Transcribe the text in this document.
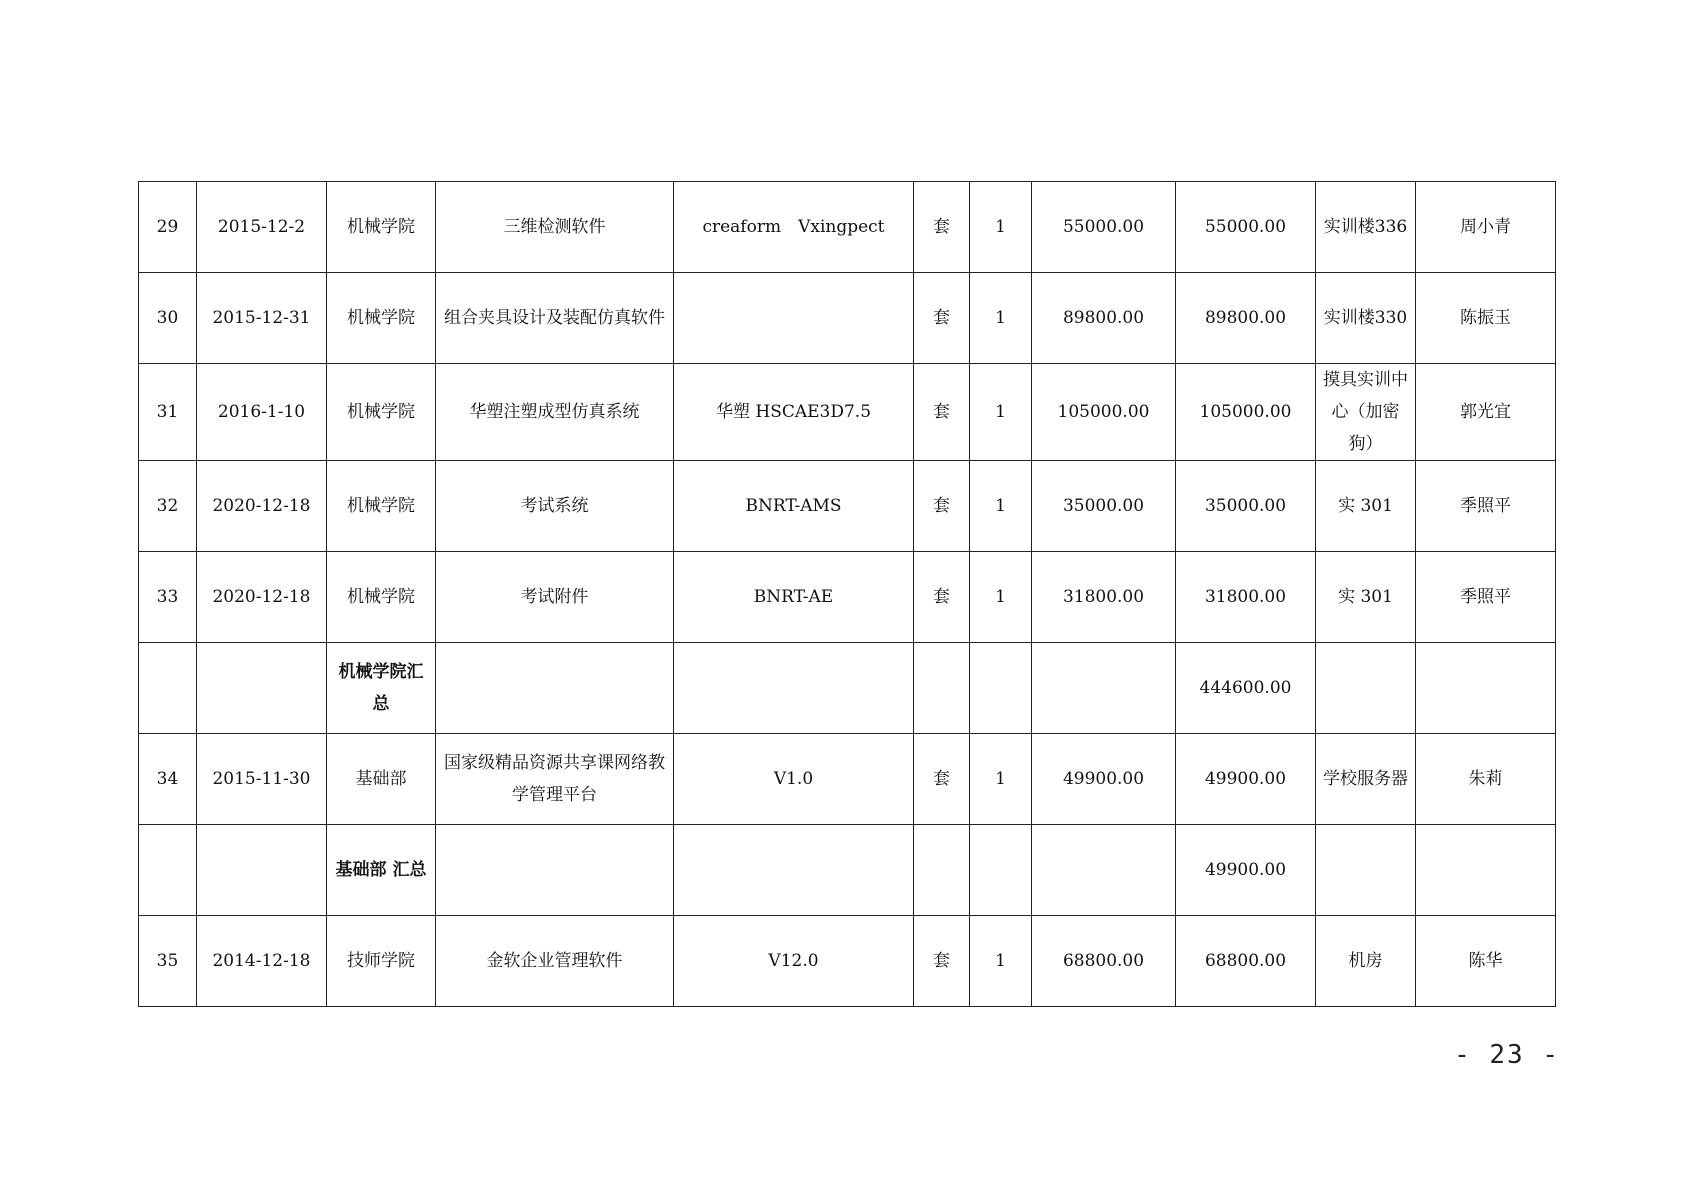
29	2015-12-2	机械学院	三维检测软件	creaform　Vxingpect	套	1	55000.00	55000.00	实训楼336	周小青
30	2015-12-31	机械学院	组合夹具设计及装配仿真软件		套	1	89800.00	89800.00	实训楼330	陈振玉
31	2016-1-10	机械学院	华塑注塑成型仿真系统	华塑 HSCAE3D7.5	套	1	105000.00	105000.00	摸具实训中心（加密狗）	郭光宜
32	2020-12-18	机械学院	考试系统	BNRT-AMS	套	1	35000.00	35000.00	实 301	季照平
33	2020-12-18	机械学院	考试附件	BNRT-AE	套	1	31800.00	31800.00	实 301	季照平
		机械学院汇总						444600.00		
34	2015-11-30	基础部	国家级精品资源共享课网络教学管理平台	V1.0	套	1	49900.00	49900.00	学校服务器	朱莉
		基础部 汇总						49900.00		
35	2014-12-18	技师学院	金软企业管理软件	V12.0	套	1	68800.00	68800.00	机房	陈华
- 23 -
